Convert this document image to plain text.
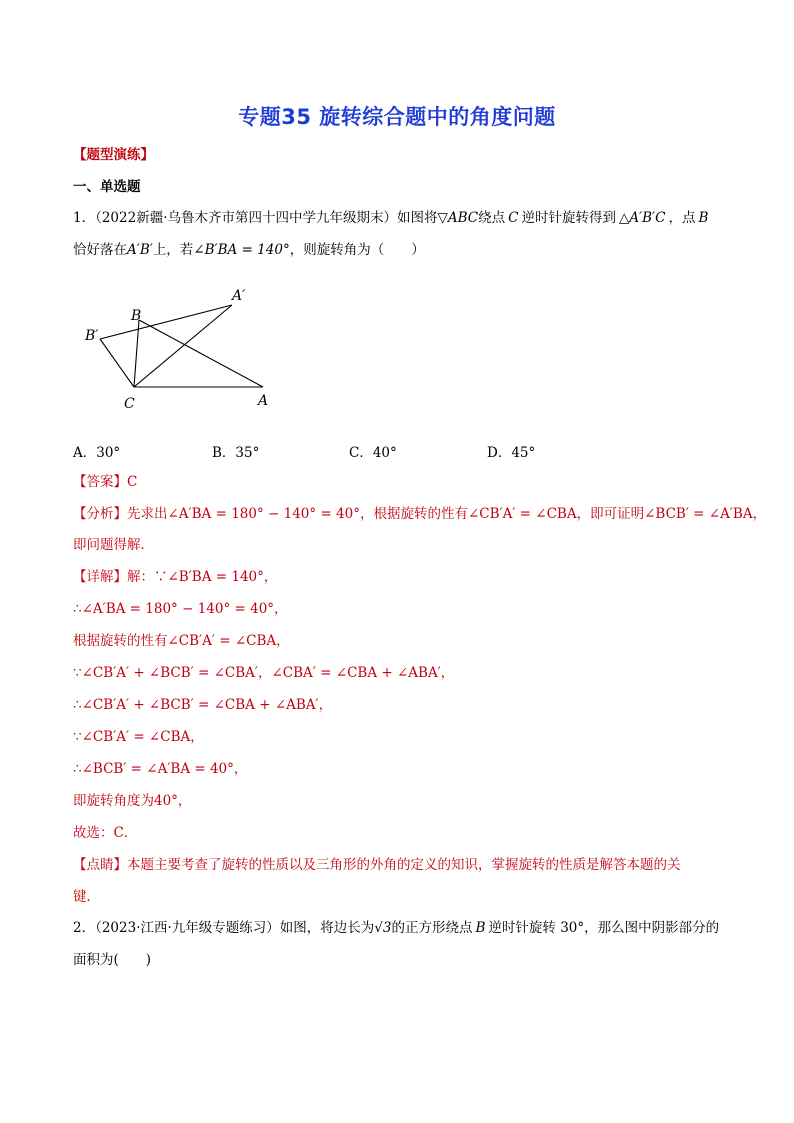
专题35 旋转综合题中的角度问题
【题型演练】
一、单选题
1．（2022新疆·乌鲁木齐市第四十四中学九年级期末）如图将▽ABC绕点 C 逆时针旋转得到 △A′B′C ，点 B
恰好落在A′B′上，若∠B′BA = 140°，则旋转角为（　　）
A′
B
B′
C	A
A．30°	B．35°	C．40°	D．45°
【答案】C
【分析】先求出∠A′BA = 180° − 140° = 40°，根据旋转的性有∠CB′A′ = ∠CBA，即可证明∠BCB′ = ∠A′BA，
即问题得解．
【详解】解：∵∠B′BA = 140°，
∴∠A′BA = 180° − 140° = 40°，
根据旋转的性有∠CB′A′ = ∠CBA，
∵∠CB′A′ + ∠BCB′ = ∠CBA′，∠CBA′ = ∠CBA + ∠ABA′，
∴∠CB′A′ + ∠BCB′ = ∠CBA + ∠ABA′，
∵∠CB′A′ = ∠CBA，
∴∠BCB′ = ∠A′BA = 40°，
即旋转角度为40°，
故选：C．
【点睛】本题主要考查了旋转的性质以及三角形的外角的定义的知识，掌握旋转的性质是解答本题的关
键．
2．（2023·江西·九年级专题练习）如图，将边长为√3的正方形绕点 B 逆时针旋转 30°，那么图中阴影部分的
面积为(　　)
